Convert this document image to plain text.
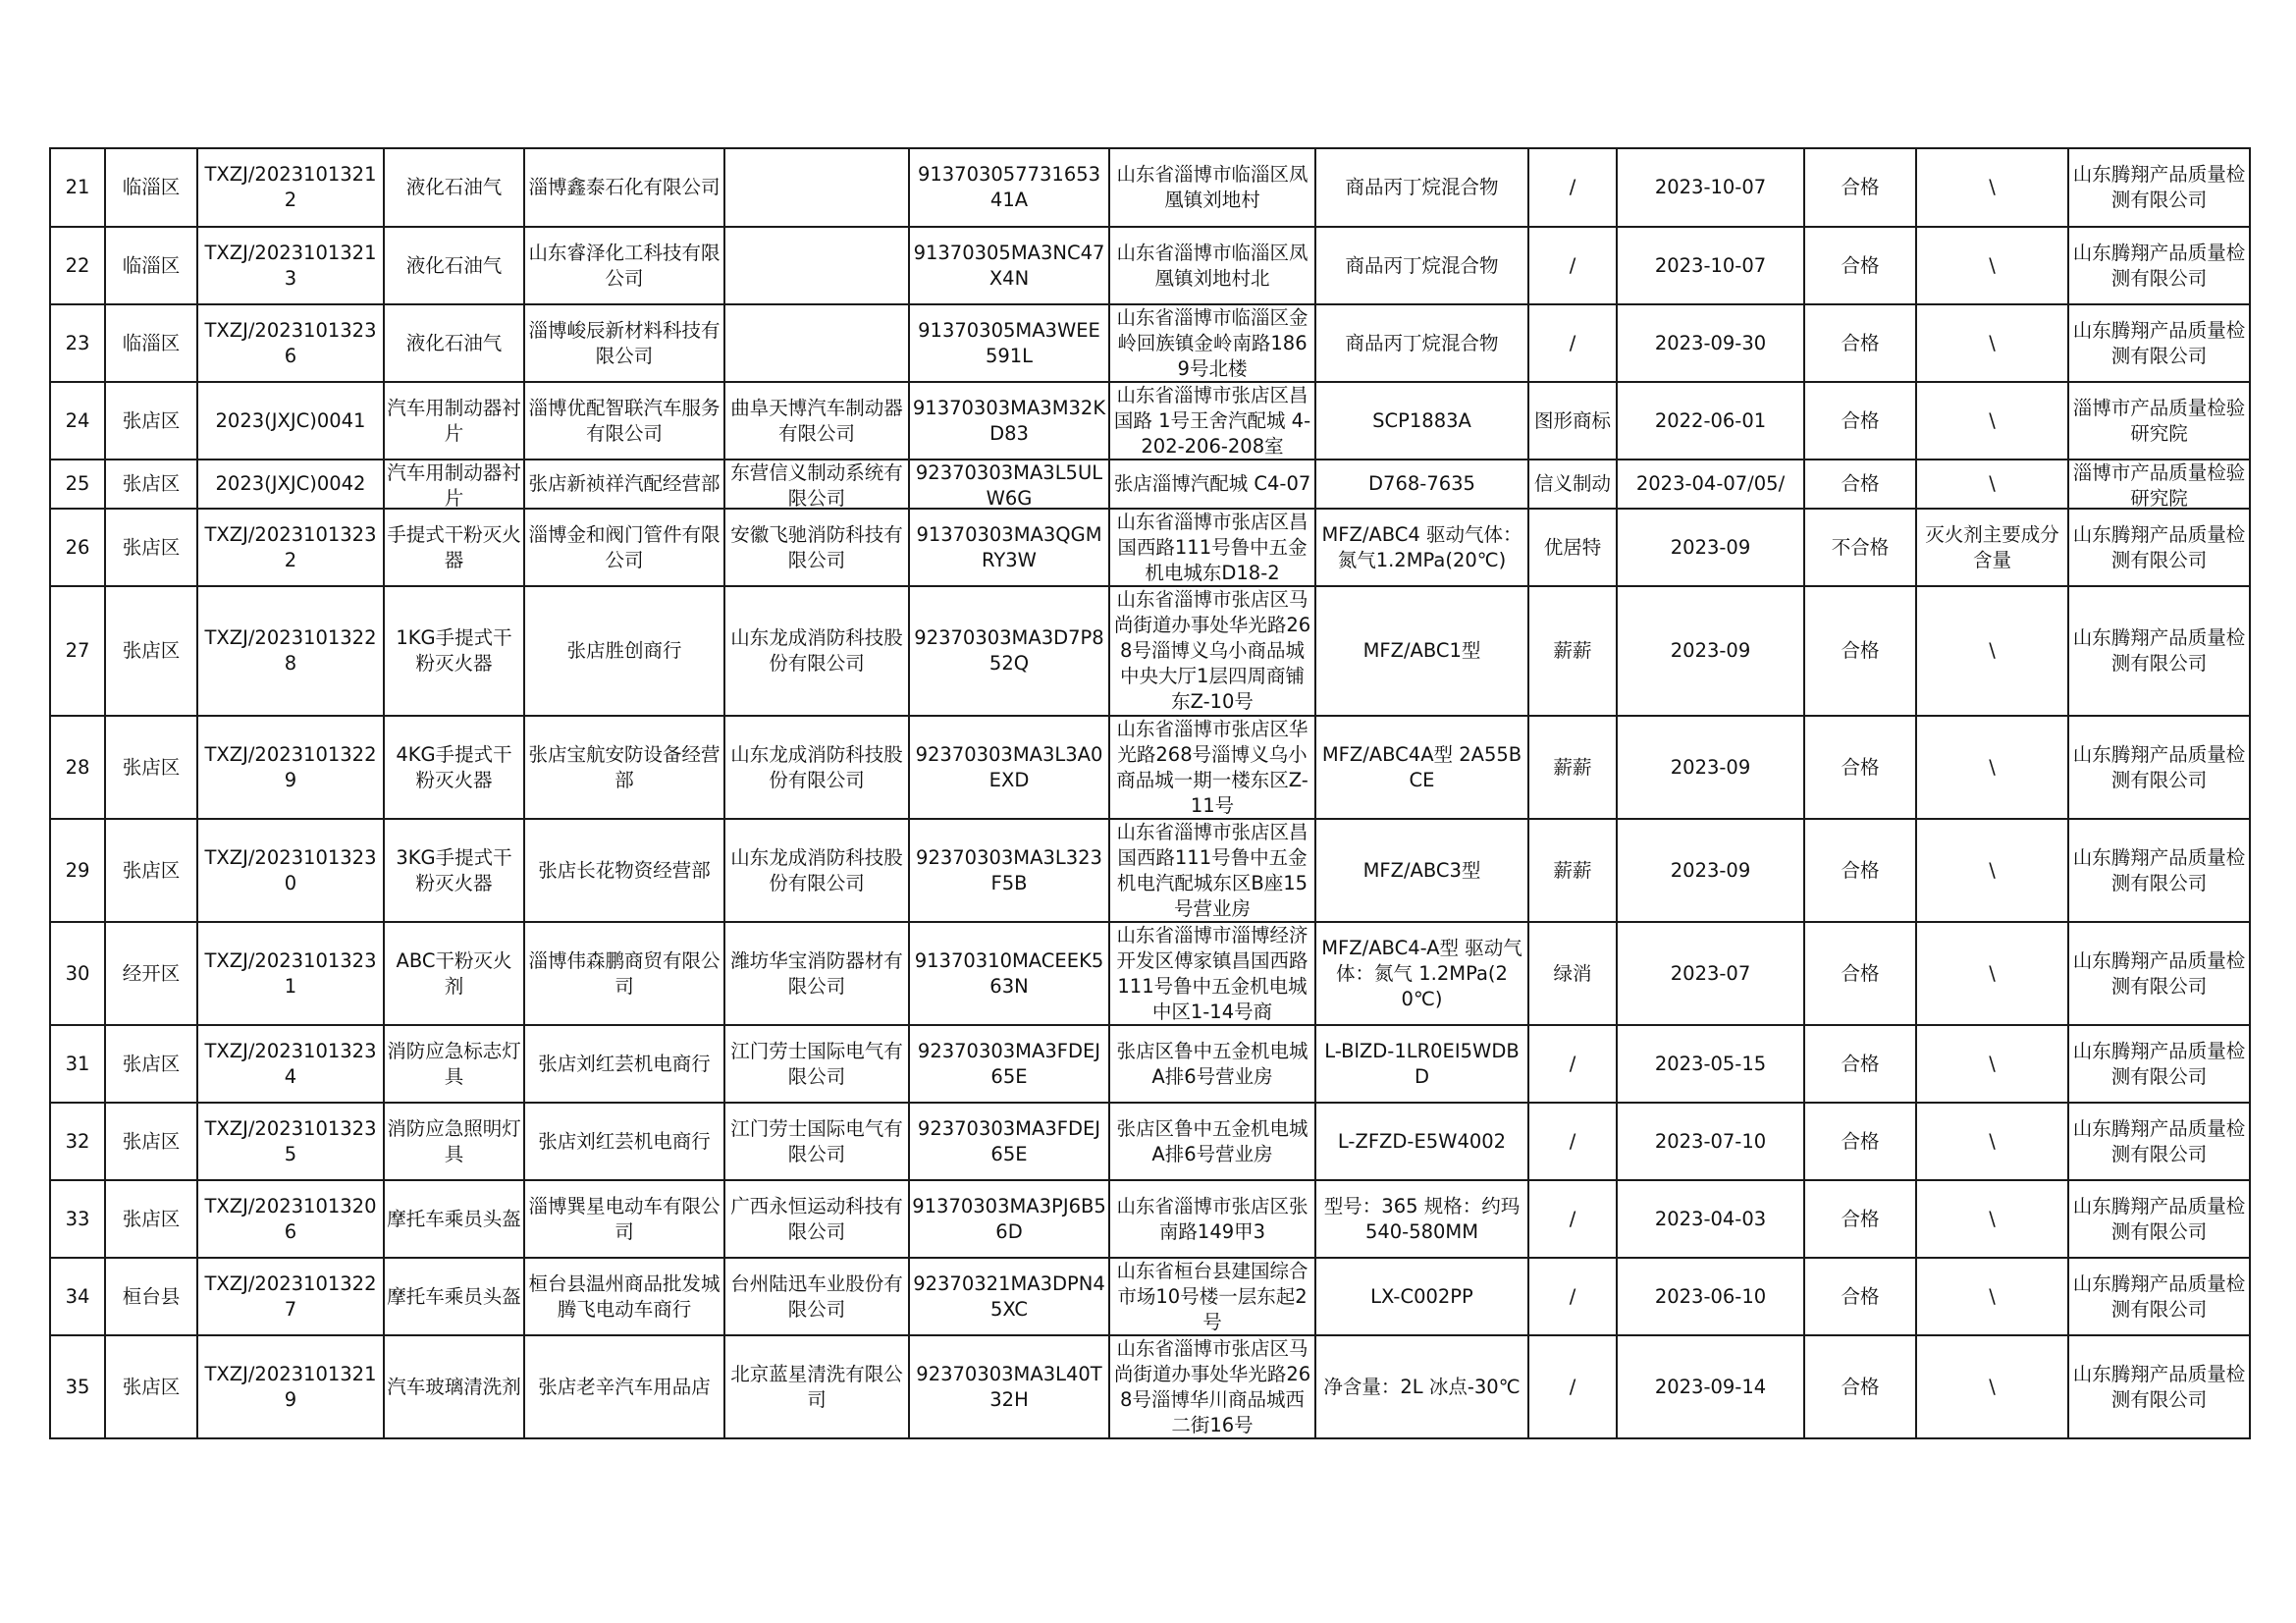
21	临淄区	TXZJ/20231013212	液化石油气	淄博鑫泰石化有限公司		91370305773165341A	山东省淄博市临淄区凤凰镇刘地村	商品丙丁烷混合物	/	2023-10-07	合格	\	山东腾翔产品质量检测有限公司

22	临淄区	TXZJ/20231013213	液化石油气	山东睿泽化工科技有限公司		91370305MA3NC47X4N	山东省淄博市临淄区凤凰镇刘地村北	商品丙丁烷混合物	/	2023-10-07	合格	\	山东腾翔产品质量检测有限公司

23	临淄区	TXZJ/20231013236	液化石油气	淄博峻辰新材料科技有限公司		91370305MA3WEE591L	山东省淄博市临淄区金岭回族镇金岭南路1869号北楼	商品丙丁烷混合物	/	2023-09-30	合格	\	山东腾翔产品质量检测有限公司

24	张店区	2023(JXJC)0041	汽车用制动器衬片	淄博优配智联汽车服务有限公司	曲阜天博汽车制动器有限公司	91370303MA3M32KD83	山东省淄博市张店区昌国路 1号王舍汽配城 4-202-206-208室	SCP1883A	图形商标	2022-06-01	合格	\	淄博市产品质量检验研究院

25	张店区	2023(JXJC)0042	汽车用制动器衬片	张店新祯祥汽配经营部	东营信义制动系统有限公司	92370303MA3L5ULW6G	张店淄博汽配城 C4-07	D768-7635	信义制动	2023-04-07/05/	合格	\	淄博市产品质量检验研究院

26	张店区	TXZJ/20231013232	手提式干粉灭火器	淄博金和阀门管件有限公司	安徽飞驰消防科技有限公司	91370303MA3QGMRY3W	山东省淄博市张店区昌国西路111号鲁中五金机电城东D18-2	MFZ/ABC4 驱动气体：氮气1.2MPa(20℃)	优居特	2023-09	不合格	灭火剂主要成分含量	山东腾翔产品质量检测有限公司

27	张店区	TXZJ/20231013228	1KG手提式干粉灭火器	张店胜创商行	山东龙成消防科技股份有限公司	92370303MA3D7P852Q	山东省淄博市张店区马尚街道办事处华光路268号淄博义乌小商品城中央大厅1层四周商铺东Z-10号	MFZ/ABC1型	薪薪	2023-09	合格	\	山东腾翔产品质量检测有限公司

28	张店区	TXZJ/20231013229	4KG手提式干粉灭火器	张店宝航安防设备经营部	山东龙成消防科技股份有限公司	92370303MA3L3A0EXD	山东省淄博市张店区华光路268号淄博义乌小商品城一期一楼东区Z-11号	MFZ/ABC4A型 2A55BCE	薪薪	2023-09	合格	\	山东腾翔产品质量检测有限公司

29	张店区	TXZJ/20231013230	3KG手提式干粉灭火器	张店长花物资经营部	山东龙成消防科技股份有限公司	92370303MA3L323F5B	山东省淄博市张店区昌国西路111号鲁中五金机电汽配城东区B座15号营业房	MFZ/ABC3型	薪薪	2023-09	合格	\	山东腾翔产品质量检测有限公司

30	经开区	TXZJ/20231013231	ABC干粉灭火剂	淄博伟森鹏商贸有限公司	潍坊华宝消防器材有限公司	91370310MACEEK563N	山东省淄博市淄博经济开发区傅家镇昌国西路111号鲁中五金机电城中区1-14号商	MFZ/ABC4-A型 驱动气体：氮气 1.2MPa(20℃)	绿消	2023-07	合格	\	山东腾翔产品质量检测有限公司

31	张店区	TXZJ/20231013234	消防应急标志灯具	张店刘红芸机电商行	江门劳士国际电气有限公司	92370303MA3FDEJ65E	张店区鲁中五金机电城A排6号营业房	L-BlZD-1LR0EI5WDBD	/	2023-05-15	合格	\	山东腾翔产品质量检测有限公司

32	张店区	TXZJ/20231013235	消防应急照明灯具	张店刘红芸机电商行	江门劳士国际电气有限公司	92370303MA3FDEJ65E	张店区鲁中五金机电城A排6号营业房	L-ZFZD-E5W4002	/	2023-07-10	合格	\	山东腾翔产品质量检测有限公司

33	张店区	TXZJ/20231013206	摩托车乘员头盔	淄博巽星电动车有限公司	广西永恒运动科技有限公司	91370303MA3PJ6B56D	山东省淄博市张店区张南路149甲3	型号：365 规格：约玛540-580MM	/	2023-04-03	合格	\	山东腾翔产品质量检测有限公司

34	桓台县	TXZJ/20231013227	摩托车乘员头盔	桓台县温州商品批发城腾飞电动车商行	台州陆迅车业股份有限公司	92370321MA3DPN45XC	山东省桓台县建国综合市场10号楼一层东起2号	LX-C002PP	/	2023-06-10	合格	\	山东腾翔产品质量检测有限公司

35	张店区	TXZJ/20231013219	汽车玻璃清洗剂	张店老辛汽车用品店	北京蓝星清洗有限公司	92370303MA3L40T32H	山东省淄博市张店区马尚街道办事处华光路268号淄博华川商品城西二街16号	净含量：2L 冰点-30℃	/	2023-09-14	合格	\	山东腾翔产品质量检测有限公司
